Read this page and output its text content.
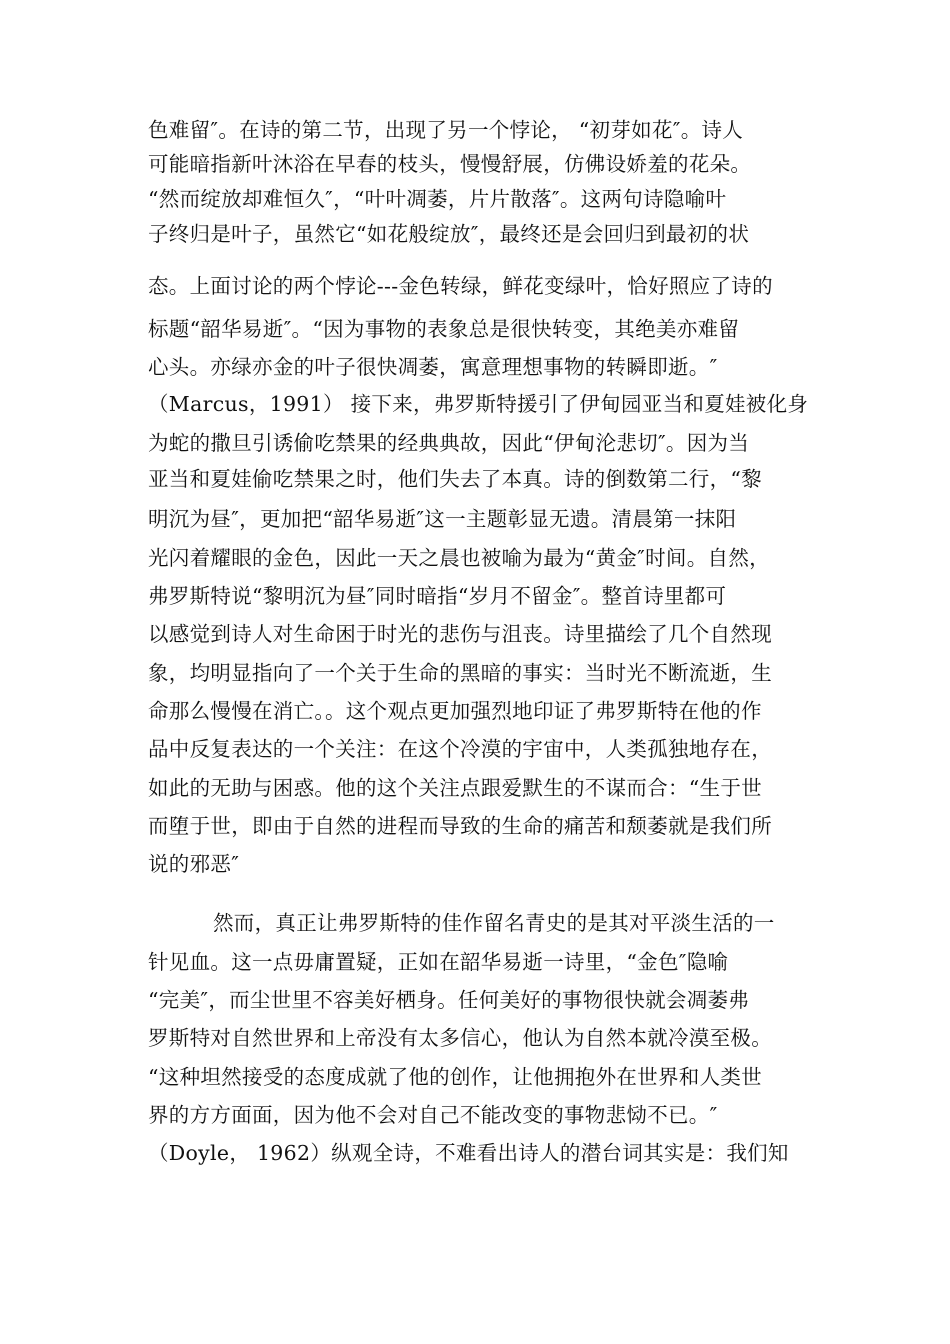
色难留″。在诗的第二节，出现了另一个悖论， “初芽如花″。诗人
可能暗指新叶沐浴在早春的枝头，慢慢舒展，仿佛设娇羞的花朵。
“然而绽放却难恒久″，“叶叶凋萎，片片散落″。这两句诗隐喻叶
子终归是叶子，虽然它“如花般绽放″，最终还是会回归到最初的状
态。上面讨论的两个悖论---金色转绿，鲜花变绿叶，恰好照应了诗的
标题“韶华易逝″。“因为事物的表象总是很快转变，其绝美亦难留
心头。亦绿亦金的叶子很快凋萎，寓意理想事物的转瞬即逝。″
（Marcus，1991） 接下来，弗罗斯特援引了伊甸园亚当和夏娃被化身
为蛇的撒旦引诱偷吃禁果的经典典故，因此“伊甸沦悲切″。因为当
亚当和夏娃偷吃禁果之时，他们失去了本真。诗的倒数第二行，“黎
明沉为昼″，更加把“韶华易逝″这一主题彰显无遗。清晨第一抹阳
光闪着耀眼的金色，因此一天之晨也被喻为最为“黄金″时间。自然，
弗罗斯特说“黎明沉为昼″同时暗指“岁月不留金″。整首诗里都可
以感觉到诗人对生命困于时光的悲伤与沮丧。诗里描绘了几个自然现
象，均明显指向了一个关于生命的黑暗的事实：当时光不断流逝，生
命那么慢慢在消亡。。这个观点更加强烈地印证了弗罗斯特在他的作
品中反复表达的一个关注：在这个冷漠的宇宙中，人类孤独地存在，
如此的无助与困惑。他的这个关注点跟爱默生的不谋而合：“生于世
而堕于世，即由于自然的进程而导致的生命的痛苦和颓萎就是我们所
说的邪恶″
然而，真正让弗罗斯特的佳作留名青史的是其对平淡生活的一
针见血。这一点毋庸置疑，正如在韶华易逝一诗里，“金色″隐喻
“完美″，而尘世里不容美好栖身。任何美好的事物很快就会凋萎弗
罗斯特对自然世界和上帝没有太多信心，他认为自然本就冷漠至极。
“这种坦然接受的态度成就了他的创作，让他拥抱外在世界和人类世
界的方方面面，因为他不会对自己不能改变的事物悲恸不已。″
（Doyle， 1962）纵观全诗，不难看出诗人的潜台词其实是：我们知
